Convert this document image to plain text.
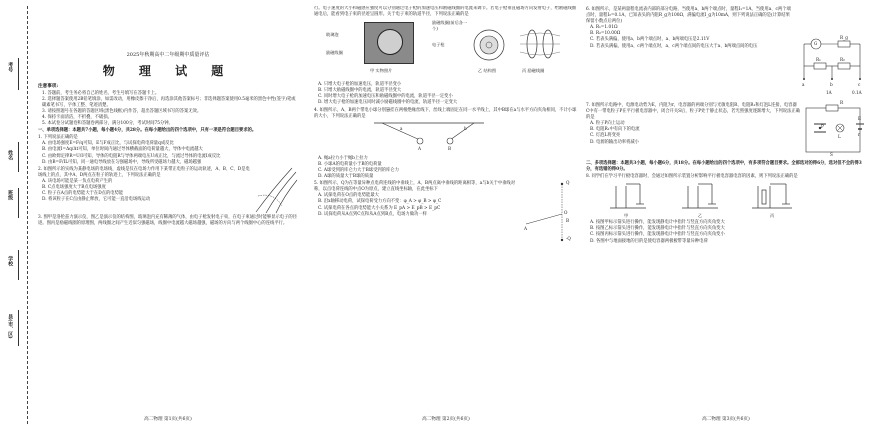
考号
姓名
班级
学校
县(市、区)
2025年秋期高中二年级期中质量评估
物 理 试 题
注意事项:
1. 答题前，考生务必将自己的姓名、考生号填写在答题卡上。
2. 选择题答案使用2B铅笔填涂，如需改动，用橡皮擦干净后，再选涂其他答案标号；非选择题答案使用0.5毫米的黑色中性(签字)笔或碳素笔书写，字体工整、笔迹清楚。
3. 请按照题号在各题的答题区域(黑色线框)内作答，超出答题区域书写的答案无效。
4. 保持卡面清洁，不折叠，不破损。
5. 本试卷分试题卷和答题卷两部分，满分100分，考试时间75分钟。
一、单项选择题：本题共7小题，每小题4分，共28分。在每小题给出的四个选项中，只有一项是符合题目要求的。
1. 下列说法正确的是
A. 由电场强度E=F/q可知，E与F成正比，与试探电荷电荷量q成反比
B. 由电流I=Δq/Δt可知，单位时间内通过导体横截面的电荷量越大，导体中电流越大
C. 由欧姆定律R=U/I可知，导体的电阻R与导体两端电压U成正比，与流过导体的电流I成反比
D. 由B=F/IL可知，同一通电导线放在匀强磁场中，导线所受磁场力越大，磁场越强
2. 如图所示的实线为某静电场的电场线，虚线是仅在电场力作用下某带正电粒子的运动轨迹，A、B、C、D是电场线上的点，其中A、D两点在粒子的轨迹上，下列说法正确的是
A. 该电场可能是某一负点电荷产生的
B. C点电场强度大于B点电场强度
C. 粒子在A点的电势能大于在D点的电势能
D. 将该粒子在C点由静止释放，它可能一直沿电场线运动
3. 图甲是洛伦兹力演示仪，图乙是演示仪的结构图，玻璃泡内充有稀薄的气体，由电子枪发射电子束，在电子束通过时能够显示电子的径迹。图丙是励磁线圈的原理图，两线圈之间产生近似匀强磁场，线圈中电流越大磁场越强，磁场的方向与两个线圈中心的连线平行。
高二物理 第1页(共6页)
行。电子速度的大小和磁感应强度可以分别通过电子枪的加速电压和励磁线圈的电流来调节。若电子枪垂直磁场方向发射电子，给励磁线圈通电后，能看到电子束的径迹呈圆形。关于电子束的轨道半径，下列说法正确的是
玻璃泡
励磁线圈
励磁线圈(前后各一个)
电子枪
甲 实物照片	乙 结构图	丙 励磁线圈
A. 只增大电子枪的加速电压，轨道半径变小
B. 只增大励磁线圈中的电流，轨道半径变大
C. 同时增大电子枪的加速电压和励磁线圈中的电流，轨道半径一定变小
D. 增大电子枪的加速电压同时减小励磁线圈中的电流，轨道半径一定变大
4. 如图所示，A、B两个带电小球分别悬挂在两根绝缘丝线下，丝线上端固定在同一水平线上，其中B球在a与水平方向夹角相同，不计小球的大小，下列说法正确的是
a	b
A	B
A. 绳a拉力小于绳b上拉力
B. 小球A的电荷量小于B的电荷量
C. A球受到的库仑力大于B球受到的库仑力
D. A球的质量大于B球的质量
5. 如图所示，Q为在等量异种点电荷连线的中垂线上，A、B两点离中垂线的距离相等，a与b关于中垂线对称，以点电荷连线的中点O为原点，建立直线坐标轴，在此坐标下
A. 试探电荷在O点的电势能最大
B. 沿x轴移动电荷，试探电荷受力方向不变：φ_A > φ_B > φ_C
C. 试探电荷在各点的电势能大小关系为 E_pA > E_pB > E_pC
D. 试探电荷从A点到C点和从A点到B点，电场力做功一样
Q
A
O
B
-Q
高二物理 第2页(共6页)
6. 如图所示，是某两量程电流表内部的部分电路，当使用a、b两个端点时，量程I₁=1A，当使用a、c两个端点时，量程I₂=0.1A，已知表头的内阻R_g为100Ω，满偏电流I_g为10mA，则下列说法正确的是(计算结果保留小数点后两位)
A. R₁=1.01Ω
B. R₂=10.00Ω
C. 若表头满偏，使用a、b两个端点时，a、b两端电压是2.11V
D. 若表头满偏，使用a、c两个端点时，a、c两个端点间的电压大于a、b两端点间的电压
G
R_g
R₁	R₂
a	b	c
1A	0.1A
7. 如图所示电路中，电源电动势为E，内阻为r，电容器的两端分别与光敏电阻R、电阻R₁和灯泡L连接，电容器C中有一带电粒子P在平行板电容器中，闭合开关S后，粒子P处于静止状态，若光照强度逐渐增大，下列说法正确的是
A. 粒子P向上运动
B. 电阻R₁中有向下的电流
C. 灯泡L将变亮
D. 电源的输出功率将减小
P
E
r
L
R
S
二、多项选择题：本题共3小题，每小题6分，共18分。在每小题给出的四个选项中，有多项符合题目要求。全部选对的得6分，选对但不全的得3分，有选错的得0分。
8. 同学们在学习平行板电容器时，会通过如图所示装置分析影响平行板电容器电容的因素，则下列说法正确的是
甲	乙	丙
A. 按图甲标示箭头进行操作，能发现静电计中指针与竖直方向夹角变大
B. 按图乙标示箭头进行操作，能发现静电计中指针与竖直方向夹角变大
C. 按图丙标示箭头进行操作，能发现静电计中指针与竖直方向夹角变小
D. 各图中与地面接地的目的是使电容器两极板带等量异种电荷
高二物理 第3页(共6页)
